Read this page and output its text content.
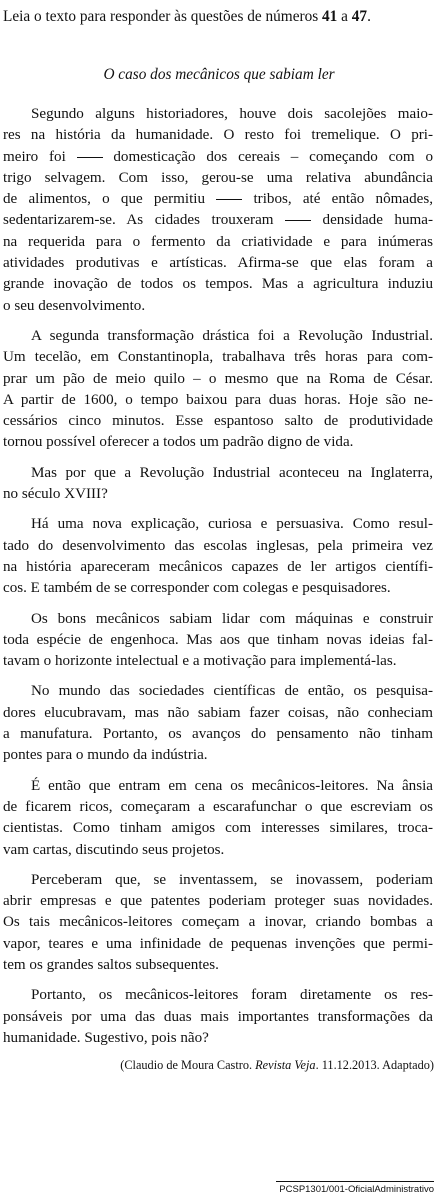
Leia o texto para responder às questões de números 41 a 47.
O caso dos mecânicos que sabiam ler
Segundo alguns historiadores, houve dois sacolejões maio-
res na história da humanidade. O resto foi tremelique. O pri-
meiro foi  domesticação dos cereais – começando com o
trigo selvagem. Com isso, gerou-se uma relativa abundância
de alimentos, o que permitiu  tribos, até então nômades,
sedentarizarem-se. As cidades trouxeram  densidade huma-
na requerida para o fermento da criatividade e para inúmeras
atividades produtivas e artísticas. Afirma-se que elas foram a
grande inovação de todos os tempos. Mas a agricultura induziu
o seu desenvolvimento.
A segunda transformação drástica foi a Revolução Industrial.
Um tecelão, em Constantinopla, trabalhava três horas para com-
prar um pão de meio quilo – o mesmo que na Roma de César.
A partir de 1600, o tempo baixou para duas horas. Hoje são ne-
cessários cinco minutos. Esse espantoso salto de produtividade
tornou possível oferecer a todos um padrão digno de vida.
Mas por que a Revolução Industrial aconteceu na Inglaterra,
no século XVIII?
Há uma nova explicação, curiosa e persuasiva. Como resul-
tado do desenvolvimento das escolas inglesas, pela primeira vez
na história apareceram mecânicos capazes de ler artigos científi-
cos. E também de se corresponder com colegas e pesquisadores.
Os bons mecânicos sabiam lidar com máquinas e construir
toda espécie de engenhoca. Mas aos que tinham novas ideias fal-
tavam o horizonte intelectual e a motivação para implementá-las.
No mundo das sociedades científicas de então, os pesquisa-
dores elucubravam, mas não sabiam fazer coisas, não conheciam
a manufatura. Portanto, os avanços do pensamento não tinham
pontes para o mundo da indústria.
É então que entram em cena os mecânicos-leitores. Na ânsia
de ficarem ricos, começaram a escarafunchar o que escreviam os
cientistas. Como tinham amigos com interesses similares, troca-
vam cartas, discutindo seus projetos.
Perceberam que, se inventassem, se inovassem, poderiam
abrir empresas e que patentes poderiam proteger suas novidades.
Os tais mecânicos-leitores começam a inovar, criando bombas a
vapor, teares e uma infinidade de pequenas invenções que permi-
tem os grandes saltos subsequentes.
Portanto, os mecânicos-leitores foram diretamente os res-
ponsáveis por uma das duas mais importantes transformações da
humanidade. Sugestivo, pois não?
(Claudio de Moura Castro. Revista Veja. 11.12.2013. Adaptado)
PCSP1301/001-OficialAdministrativo
